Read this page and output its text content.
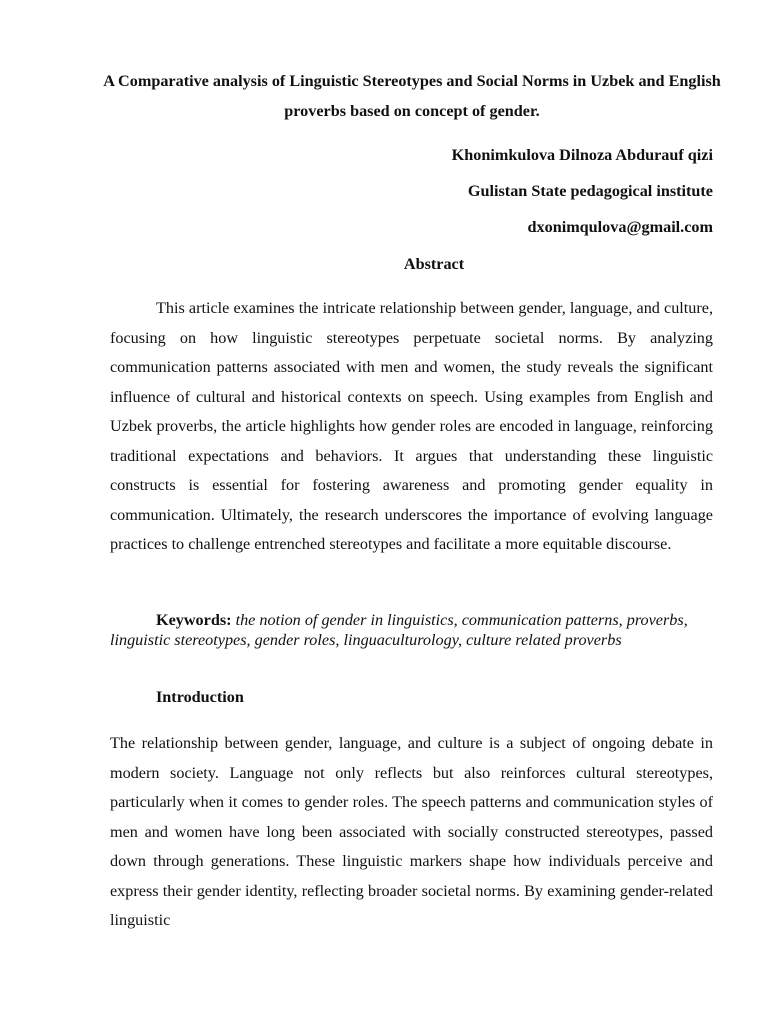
A Comparative analysis of Linguistic Stereotypes and Social Norms in Uzbek and English proverbs based on concept of gender.
Khonimkulova Dilnoza Abdurauf qizi
Gulistan State pedagogical institute
dxonimqulova@gmail.com
Abstract

This article examines the intricate relationship between gender, language, and culture, focusing on how linguistic stereotypes perpetuate societal norms. By analyzing communication patterns associated with men and women, the study reveals the significant influence of cultural and historical contexts on speech. Using examples from English and Uzbek proverbs, the article highlights how gender roles are encoded in language, reinforcing traditional expectations and behaviors. It argues that understanding these linguistic constructs is essential for fostering awareness and promoting gender equality in communication. Ultimately, the research underscores the importance of evolving language practices to challenge entrenched stereotypes and facilitate a more equitable discourse.

Keywords: the notion of gender in linguistics, communication patterns, proverbs, linguistic stereotypes, gender roles, linguaculturology, culture related proverbs

Introduction

The relationship between gender, language, and culture is a subject of ongoing debate in modern society. Language not only reflects but also reinforces cultural stereotypes, particularly when it comes to gender roles. The speech patterns and communication styles of men and women have long been associated with socially constructed stereotypes, passed down through generations. These linguistic markers shape how individuals perceive and express their gender identity, reflecting broader societal norms. By examining gender-related linguistic
